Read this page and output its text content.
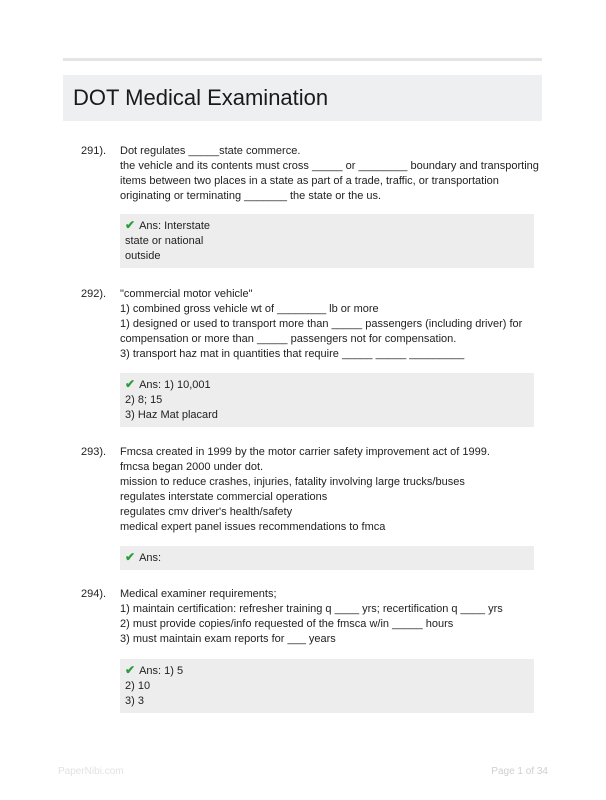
DOT Medical Examination
291). Dot regulates _____state commerce.
the vehicle and its contents must cross _____ or ________ boundary and transporting
items between two places in a state as part of a trade, traffic, or transportation
originating or terminating _______ the state or the us.
✔ Ans: Interstate
state or national
outside
292). "commercial motor vehicle"
1) combined gross vehicle wt of ________ lb or more
1) designed or used to transport more than _____ passengers (including driver) for
compensation or more than _____ passengers not for compensation.
3) transport haz mat in quantities that require _____ _____ _________
✔ Ans: 1) 10,001
2) 8; 15
3) Haz Mat placard
293). Fmcsa created in 1999 by the motor carrier safety improvement act of 1999.
fmcsa began 2000 under dot.
mission to reduce crashes, injuries, fatality involving large trucks/buses
regulates interstate commercial operations
regulates cmv driver's health/safety
medical expert panel issues recommendations to fmca
✔ Ans:
294). Medical examiner requirements;
1) maintain certification: refresher training q ____ yrs; recertification q ____ yrs
2) must provide copies/info requested of the fmsca w/in _____ hours
3) must maintain exam reports for ___ years
✔ Ans: 1) 5
2) 10
3) 3
PaperNibi.com	Page 1 of 34
